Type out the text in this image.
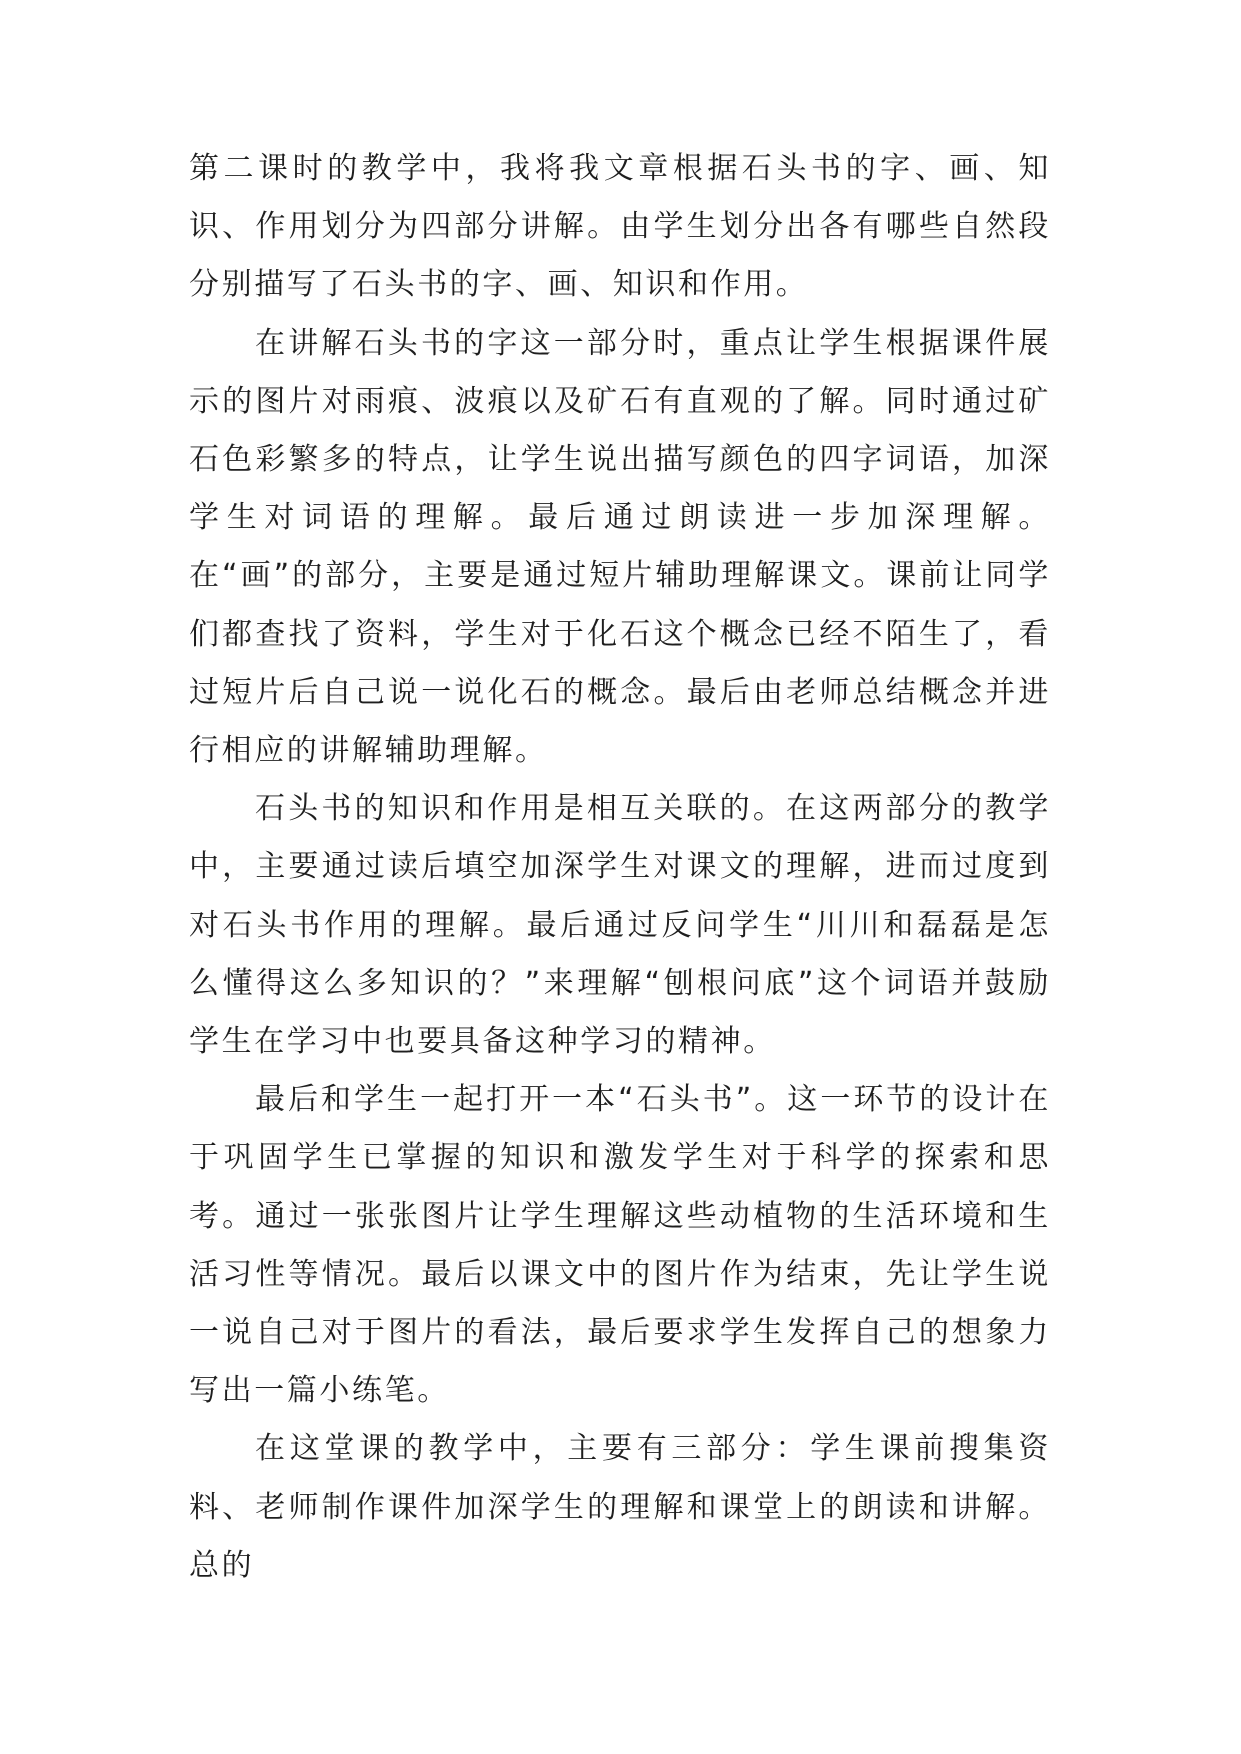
第二课时的教学中，我将我文章根据石头书的字、画、知识、作用划分为四部分讲解。由学生划分出各有哪些自然段分别描写了石头书的字、画、知识和作用。

在讲解石头书的字这一部分时，重点让学生根据课件展示的图片对雨痕、波痕以及矿石有直观的了解。同时通过矿石色彩繁多的特点，让学生说出描写颜色的四字词语，加深学生对词语的理解。最后通过朗读进一步加深理解。在“画”的部分，主要是通过短片辅助理解课文。课前让同学们都查找了资料，学生对于化石这个概念已经不陌生了，看过短片后自己说一说化石的概念。最后由老师总结概念并进行相应的讲解辅助理解。

石头书的知识和作用是相互关联的。在这两部分的教学中，主要通过读后填空加深学生对课文的理解，进而过度到对石头书作用的理解。最后通过反问学生“川川和磊磊是怎么懂得这么多知识的？”来理解“刨根问底”这个词语并鼓励学生在学习中也要具备这种学习的精神。

最后和学生一起打开一本“石头书”。这一环节的设计在于巩固学生已掌握的知识和激发学生对于科学的探索和思考。通过一张张图片让学生理解这些动植物的生活环境和生活习性等情况。最后以课文中的图片作为结束，先让学生说一说自己对于图片的看法，最后要求学生发挥自己的想象力写出一篇小练笔。

在这堂课的教学中，主要有三部分：学生课前搜集资料、老师制作课件加深学生的理解和课堂上的朗读和讲解。总的
